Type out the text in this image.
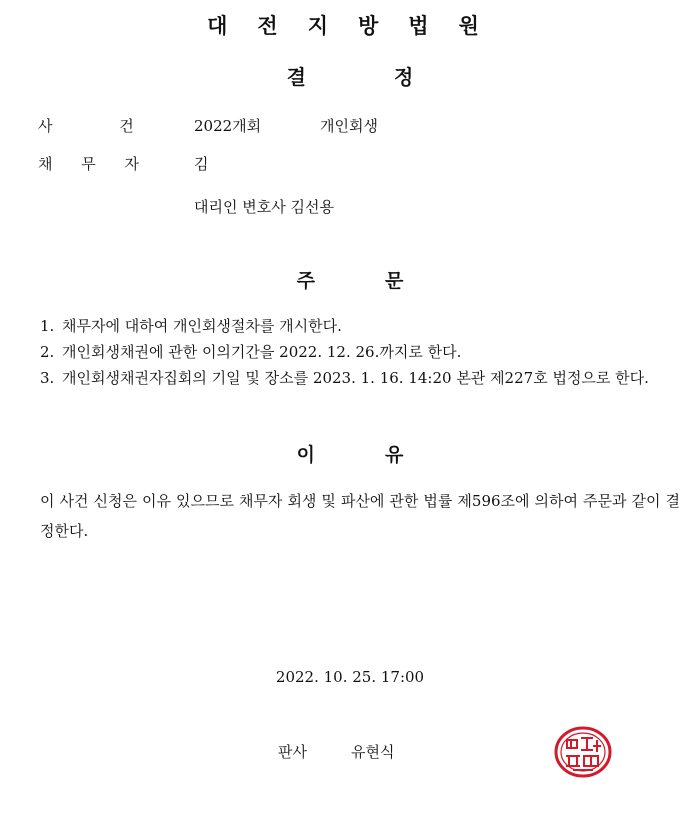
대전지방법원
결	정
사 건	2022개회	개인회생
채 무 자	김
대리인 변호사 김선용
주	문
1. 채무자에 대하여 개인회생절차를 개시한다.
2. 개인회생채권에 관한 이의기간을 2022. 12. 26.까지로 한다.
3. 개인회생채권자집회의 기일 및 장소를 2023. 1. 16. 14:20 본관 제227호 법정으로 한다.
이	유
이 사건 신청은 이유 있으므로 채무자 회생 및 파산에 관한 법률 제596조에 의하여 주문과 같이 결정한다.
2022. 10. 25. 17:00
판사	유현식
